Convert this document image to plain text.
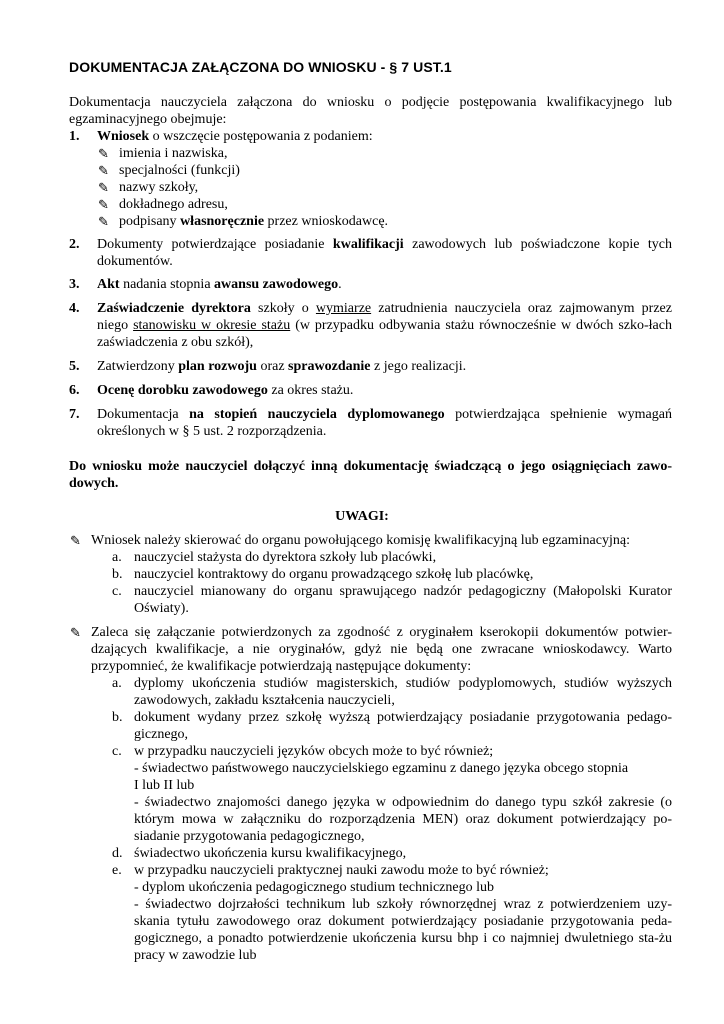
DOKUMENTACJA ZAŁĄCZONA DO WNIOSKU - § 7 UST.1
Dokumentacja nauczyciela załączona do wniosku o podjęcie postępowania kwalifikacyjnego lub egzaminacyjnego obejmuje:
1. Wniosek o wszczęcie postępowania z podaniem:
✎ imienia i nazwiska,
✎ specjalności (funkcji)
✎ nazwy szkoły,
✎ dokładnego adresu,
✎ podpisany własnoręcznie przez wnioskodawcę.
2. Dokumenty potwierdzające posiadanie kwalifikacji zawodowych lub poświadczone kopie tych dokumentów.
3. Akt nadania stopnia awansu zawodowego.
4. Zaświadczenie dyrektora szkoły o wymiarze zatrudnienia nauczyciela oraz zajmowanym przez niego stanowisku w okresie stażu (w przypadku odbywania stażu równocześnie w dwóch szko-łach zaświadczenia z obu szkół),
5. Zatwierdzony plan rozwoju oraz sprawozdanie z jego realizacji.
6. Ocenę dorobku zawodowego za okres stażu.
7. Dokumentacja na stopień nauczyciela dyplomowanego potwierdzająca spełnienie wymagań określonych w § 5 ust. 2 rozporządzenia.
Do wniosku może nauczyciel dołączyć inną dokumentację świadczącą o jego osiągnięciach zawo-dowych.
UWAGI:
✎ Wniosek należy skierować do organu powołującego komisję kwalifikacyjną lub egzaminacyjną:
a. nauczyciel stażysta do dyrektora szkoły lub placówki,
b. nauczyciel kontraktowy do organu prowadzącego szkołę lub placówkę,
c. nauczyciel mianowany do organu sprawującego nadzór pedagogiczny (Małopolski Kurator Oświaty).
✎ Zaleca się załączanie potwierdzonych za zgodność z oryginałem kserokopii dokumentów potwier-dzających kwalifikacje, a nie oryginałów, gdyż nie będą one zwracane wnioskodawcy. Warto przypomnieć, że kwalifikacje potwierdzają następujące dokumenty:
a. dyplomy ukończenia studiów magisterskich, studiów podyplomowych, studiów wyższych zawodowych, zakładu kształcenia nauczycieli,
b. dokument wydany przez szkołę wyższą potwierdzający posiadanie przygotowania pedago-gicznego,
c. w przypadku nauczycieli języków obcych może to być również;
- świadectwo państwowego nauczycielskiego egzaminu z danego języka obcego stopnia
I lub II lub
- świadectwo znajomości danego języka w odpowiednim do danego typu szkół zakresie (o którym mowa w załączniku do rozporządzenia MEN) oraz dokument potwierdzający po-siadanie przygotowania pedagogicznego,
d. świadectwo ukończenia kursu kwalifikacyjnego,
e. w przypadku nauczycieli praktycznej nauki zawodu może to być również;
- dyplom ukończenia pedagogicznego studium technicznego lub
- świadectwo dojrzałości technikum lub szkoły równorzędnej wraz z potwierdzeniem uzy-skania tytułu zawodowego oraz dokument potwierdzający posiadanie przygotowania peda-gogicznego, a ponadto potwierdzenie ukończenia kursu bhp i co najmniej dwuletniego sta-żu pracy w zawodzie lub
